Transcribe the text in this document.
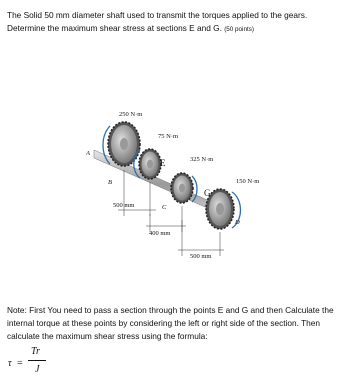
The Solid 50 mm diameter shaft used to transmit the torques applied to the gears. Determine the maximum shear stress at sections E and G. (50 points)
250 N·m
75 N·m
325 N·m
150 N·m
A
B
C
E
G
D
500 mm
400 mm
500 mm
Note: First You need to pass a section through the points E and G and then Calculate the internal torque at these points by considering the left or right side of the section. Then calculate the maximum shear stress using the formula:
τ =
Tr
J
